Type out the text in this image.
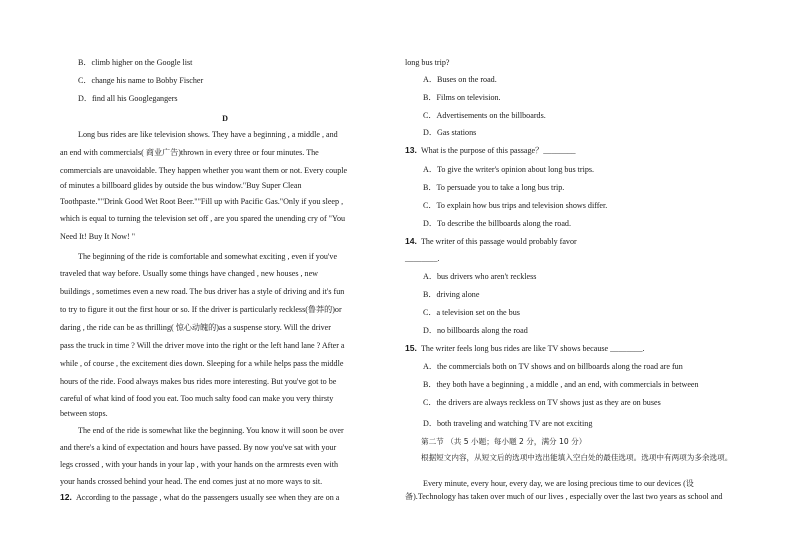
B．climb higher on the Google list
C．change his name to Bobby Fischer
D．find all his Googlegangers
D
Long bus rides are like television shows. They have a beginning , a middle , and
an end with commercials( 商业广告)thrown in every three or four minutes. The
commercials are unavoidable. They happen whether you want them or not. Every couple
of minutes a billboard glides by outside the bus window."Buy Super Clean
Toothpaste.""Drink Good Wet Root Beer.""Fill up with Pacific Gas."Only if you sleep ,
which is equal to turning the television set off , are you spared the unending cry of "You
Need It! Buy It Now! "
The beginning of the ride is comfortable and somewhat exciting , even if you've
traveled that way before. Usually some things have changed , new houses , new
buildings , sometimes even a new road. The bus driver has a style of driving and it's fun
to try to figure it out the first hour or so. If the driver is particularly reckless(鲁莽的)or
daring , the ride can be as thrilling( 惊心动魄的)as a suspense story. Will the driver
pass the truck in time ? Will the driver move into the right or the left hand lane ? After a
while , of course , the excitement dies down. Sleeping for a while helps pass the middle
hours of the ride. Food always makes bus rides more interesting. But you've got to be
careful of what kind of food you eat. Too much salty food can make you very thirsty
between stops.
The end of the ride is somewhat like the beginning. You know it will soon be over
and there's a kind of expectation and hours have passed. By now you've sat with your
legs crossed , with your hands in your lap , with your hands on the armrests even with
your hands crossed behind your head. The end comes just at no more ways to sit.
12. According to the passage , what do the passengers usually see when they are on a
long bus trip?
A．Buses on the road.
B．Films on television.
C．Advertisements on the billboards.
D．Gas stations
13. What is the purpose of this passage？________
A．To give the writer's opinion about long bus trips.
B．To persuade you to take a long bus trip.
C．To explain how bus trips and television shows differ.
D．To describe the billboards along the road.
14. The writer of this passage would probably favor
________.
A．bus drivers who aren't reckless
B．driving alone
C．a television set on the bus
D．no billboards along the road
15. The writer feels long bus rides are like TV shows because ________.
A．the commercials both on TV shows and on billboards along the road are fun
B．they both have a beginning , a middle , and an end, with commercials in between
C．the drivers are always reckless on TV shows just as they are on buses
D．both traveling and watching TV are not exciting
第二节 （共 5 小题；每小题 2 分，满分 10 分）
根据短文内容，从短文后的选项中选出能填入空白处的最佳选项。选项中有两项为多余选项。
Every minute, every hour, every day, we are losing precious time to our devices (设
备).Technology has taken over much of our lives , especially over the last two years as school and
